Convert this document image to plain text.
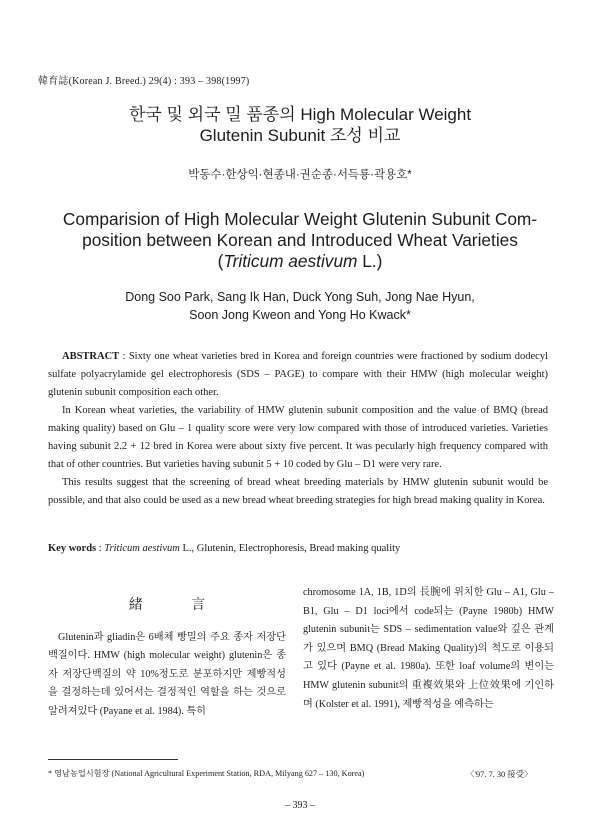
韓育誌(Korean J. Breed.) 29(4) : 393 – 398(1997)
한국 및 외국 밀 품종의 High Molecular Weight
Glutenin Subunit 조성 비교
박동수·한상익·현종내·권순종·서득룡·곽용호*
Comparision of High Molecular Weight Glutenin Subunit Com-
position between Korean and Introduced Wheat Varieties
(Triticum aestivum L.)
Dong Soo Park, Sang Ik Han, Duck Yong Suh, Jong Nae Hyun,
Soon Jong Kweon and Yong Ho Kwack*

ABSTRACT : Sixty one wheat varieties bred in Korea and foreign countries were fractioned by sodium dodecyl sulfate polyacrylamide gel electrophoresis (SDS – PAGE) to compare with their HMW (high molecular weight) glutenin subunit composition each other.

In Korean wheat varieties, the variability of HMW glutenin subunit composition and the value of BMQ (bread making quality) based on Glu – 1 quality score were very low compared with those of introduced varieties. Varieties having subunit 2.2 + 12 bred in Korea were about sixty five percent. It was pecularly high frequency compared with that of other countries. But varieties having subunit 5 + 10 coded by Glu – D1 were very rare.

This results suggest that the screening of bread wheat breeding materials by HMW glutenin subunit would be possible, and that also could be used as a new bread wheat breeding strategies for high bread making quality in Korea.

Key words : Triticum aestivum L., Glutenin, Electrophoresis, Bread making quality
緒 言

Glutenin과 gliadin은 6배체 빵밀의 주요 종자 저장단백질이다. HMW (high molecular weight) glutenin은 종자 저장단백질의 약 10%정도로 분포하지만 제빵적성을 결정하는데 있어서는 결정적인 역할을 하는 것으로 알려져있다 (Payane et al. 1984). 특히

chromosome 1A, 1B, 1D의 長腕에 위치한 Glu – A1, Glu – B1, Glu – D1 loci에서 code되는 (Payne 1980b) HMW glutenin subunit는 SDS – sedimentation value와 깊은 관계가 있으며 BMQ (Bread Making Quality)의 척도로 이용되고 있다 (Payne et al. 1980a). 또한 loaf volume의 변이는 HMW glutenin subunit의 重複效果와 上位效果에 기인하며 (Kolster et al. 1991), 제빵적성을 예측하는

* 영남농업시험장 (National Agricultural Experiment Station, RDA, Milyang 627 – 130, Korea)	〈'97. 7. 30 接受〉
– 393 –
